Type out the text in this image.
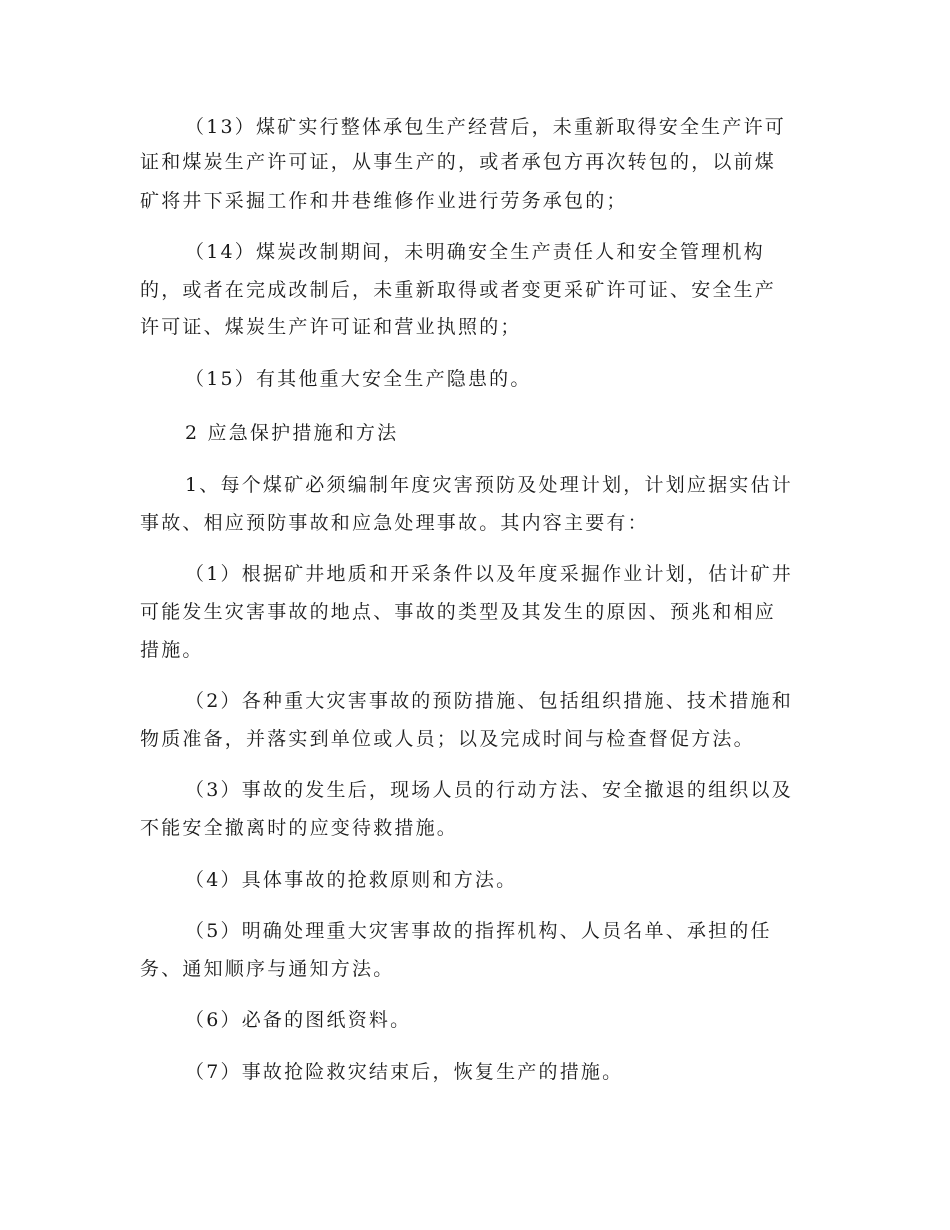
（13）煤矿实行整体承包生产经营后，未重新取得安全生产许可
证和煤炭生产许可证，从事生产的，或者承包方再次转包的，以前煤
矿将井下采掘工作和井巷维修作业进行劳务承包的；
（14）煤炭改制期间，未明确安全生产责任人和安全管理机构
的，或者在完成改制后，未重新取得或者变更采矿许可证、安全生产
许可证、煤炭生产许可证和营业执照的；
（15）有其他重大安全生产隐患的。
2 应急保护措施和方法
1、每个煤矿必须编制年度灾害预防及处理计划，计划应据实估计
事故、相应预防事故和应急处理事故。其内容主要有：
（1）根据矿井地质和开采条件以及年度采掘作业计划，估计矿井
可能发生灾害事故的地点、事故的类型及其发生的原因、预兆和相应
措施。
（2）各种重大灾害事故的预防措施、包括组织措施、技术措施和
物质准备，并落实到单位或人员；以及完成时间与检查督促方法。
（3）事故的发生后，现场人员的行动方法、安全撤退的组织以及
不能安全撤离时的应变待救措施。
（4）具体事故的抢救原则和方法。
（5）明确处理重大灾害事故的指挥机构、人员名单、承担的任
务、通知顺序与通知方法。
（6）必备的图纸资料。
（7）事故抢险救灾结束后，恢复生产的措施。
